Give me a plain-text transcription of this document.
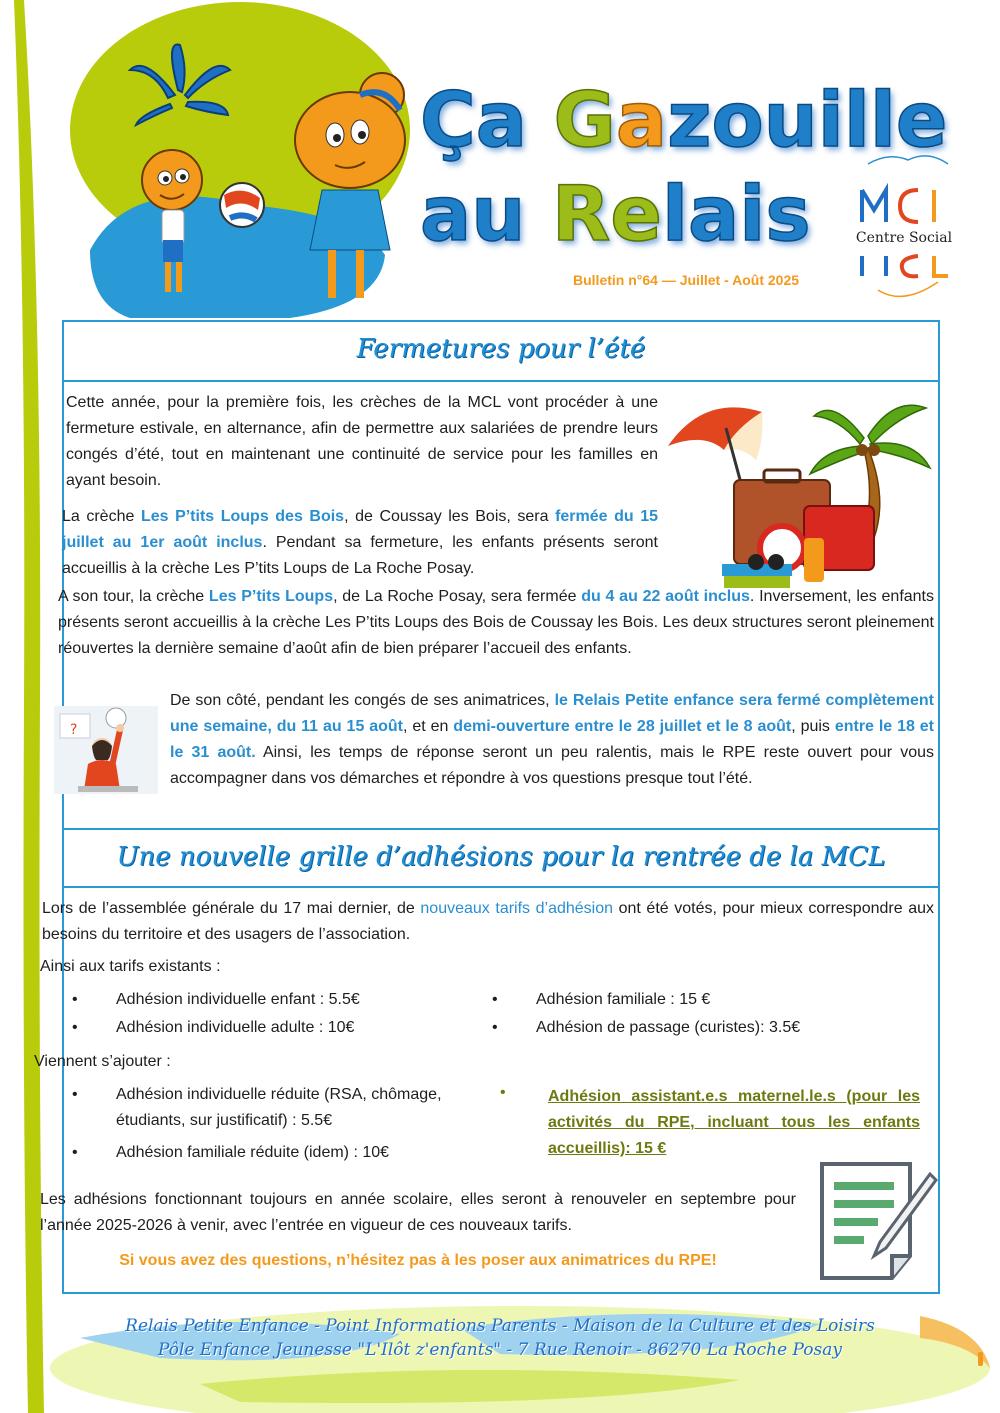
Ça Gazouille
au Relais
Bulletin n°64 — Juillet - Août 2025
Centre Social
Fermetures pour l’été
Cette année, pour la première fois, les crèches de la MCL vont procéder à une fermeture estivale, en alternance, afin de permettre aux salariées de prendre leurs congés d’été, tout en maintenant une continuité de service pour les familles en ayant besoin.
La crèche Les P’tits Loups des Bois, de Coussay les Bois, sera fermée du 15 juillet au 1er août inclus. Pendant sa fermeture, les enfants présents seront accueillis à la crèche Les P’tits Loups de La Roche Posay.
A son tour, la crèche Les P’tits Loups, de La Roche Posay, sera fermée du 4 au 22 août inclus. Inversement, les enfants présents seront accueillis à la crèche Les P’tits Loups des Bois de Coussay les Bois. Les deux structures seront pleinement réouvertes la dernière semaine d’août afin de bien préparer l’accueil des enfants.
?
De son côté, pendant les congés de ses animatrices, le Relais Petite enfance sera fermé complètement une semaine, du 11 au 15 août, et en demi-ouverture entre le 28 juillet et le 8 août, puis entre le 18 et le 31 août. Ainsi, les temps de réponse seront un peu ralentis, mais le RPE reste ouvert pour vous accompagner dans vos démarches et répondre à vos questions presque tout l’été.
Une nouvelle grille d’adhésions pour la rentrée de la MCL
Lors de l’assemblée générale du 17 mai dernier, de nouveaux tarifs d’adhésion ont été votés, pour mieux correspondre aux besoins du territoire et des usagers de l’association.
Ainsi aux tarifs existants :
• Adhésion individuelle enfant : 5.5€
• Adhésion individuelle adulte : 10€
• Adhésion familiale : 15 €
• Adhésion de passage (curistes): 3.5€
Viennent s’ajouter :
• Adhésion individuelle réduite (RSA, chômage, étudiants, sur justificatif) : 5.5€
• Adhésion familiale réduite (idem) : 10€
•	Adhésion assistant.e.s maternel.le.s (pour les activités du RPE, incluant tous les enfants accueillis): 15 €
Les adhésions fonctionnant toujours en année scolaire, elles seront à renouveler en septembre pour l’année 2025-2026 à venir, avec l’entrée en vigueur de ces nouveaux tarifs.
Si vous avez des questions, n’hésitez pas à les poser aux animatrices du RPE!
Relais Petite Enfance - Point Informations Parents - Maison de la Culture et des Loisirs
Pôle Enfance Jeunesse "L'Ilôt z'enfants" - 7 Rue Renoir - 86270 La Roche Posay
